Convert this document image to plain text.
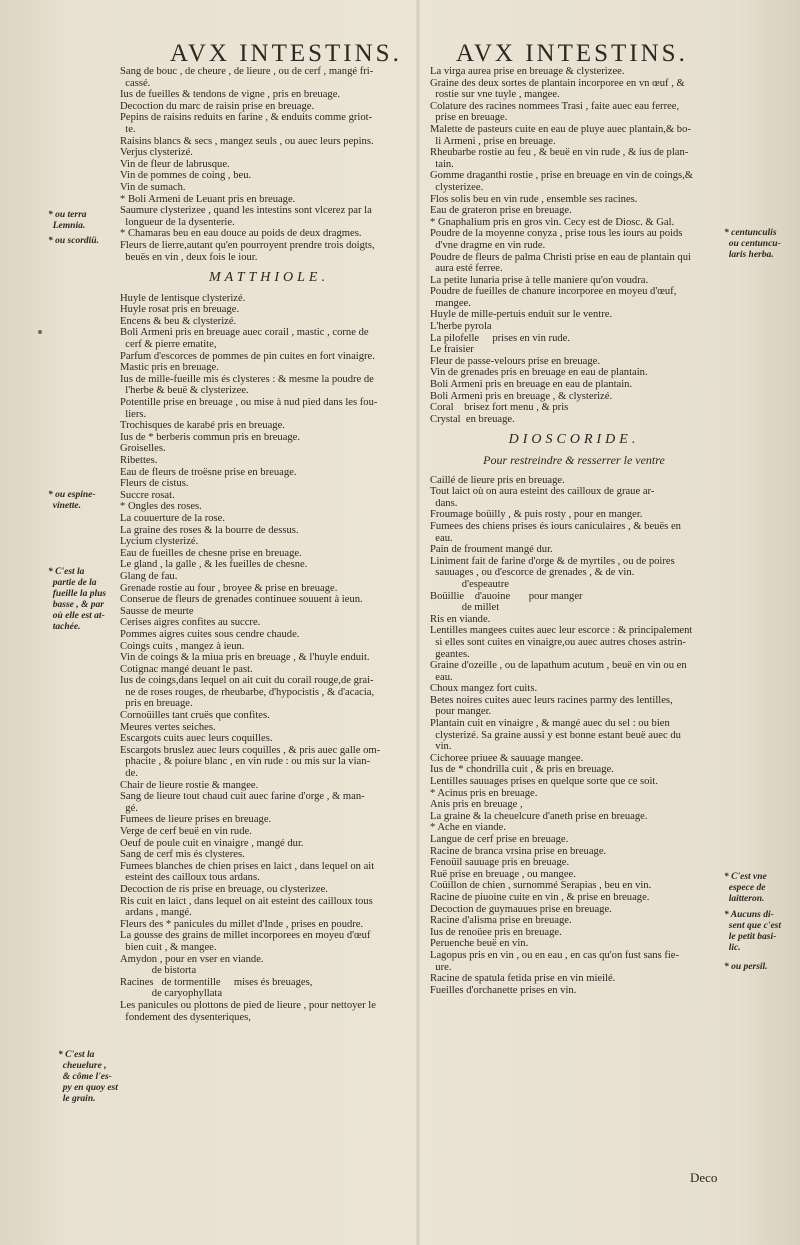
AVX INTESTINS.
Sang de bouc , de cheure , de lieure , ou de cerf , mangé fri-
cassé.
Ius de fueilles & tendons de vigne , pris en breuage.
Decoction du marc de raisin prise en breuage.
Pepins de raisins reduits en farine , & enduits comme griot-
te.
Raisins blancs & secs , mangez seuls , ou auec leurs pepins.
Verjus clysterizé.
Vin de fleur de labrusque.
Vin de pommes de coing , beu.
Vin de sumach.
* Boli Armeni de Leuant pris en breuage.
Saumure clysterizee , quand les intestins sont vlcerez par la
longueur de la dysenterie.
* Chamaras beu en eau douce au poids de deux dragmes.
Fleurs de lierre,autant qu'en pourroyent prendre trois doigts,
beuës en vin , deux fois le iour.
MATTHIOLE.
Huyle de lentisque clysterizé.
Huyle rosat pris en breuage.
Encens & beu & clysterizé.
Boli Armeni pris en breuage auec corail , mastic , corne de
cerf & pierre ematite,
Parfum d'escorces de pommes de pin cuites en fort vinaigre.
Mastic pris en breuage.
Ius de mille-fueille mis és clysteres : & mesme la poudre de
l'herbe & beuë & clysterizee.
Potentille prise en breuage , ou mise à nud pied dans les fou-
liers.
Trochisques de karabé pris en breuage.
Ius de * berberis commun pris en breuage.
Groiselles.
Ribettes.
Eau de fleurs de troësne prise en breuage.
Fleurs de cistus.
Succre rosat.
* Ongles des roses.
La couuerture de la rose.
La graine des roses & la bourre de dessus.
Lycium clysterizé.
Eau de fueilles de chesne prise en breuage.
Le gland , la galle , & les fueilles de chesne.
Glang de fau.
Grenade rostie au four , broyee & prise en breuage.
Conserue de fleurs de grenades continuee souuent à ieun.
Sausse de meurte
Cerises aigres confites au succre.
Pommes aigres cuites sous cendre chaude.
Coings cuits , mangez à ieun.
Vin de coings & la miua pris en breuage , & l'huyle enduit.
Cotignac mangé deuant le past.
Ius de coings,dans lequel on ait cuit du corail rouge,de grai-
ne de roses rouges, de rheubarbe, d'hypocistis , & d'acacia,
pris en breuage.
Cornoüilles tant cruës que confites.
Meures vertes seiches.
Escargots cuits auec leurs coquilles.
Escargots bruslez auec leurs coquilles , & pris auec galle om-
phacite , & poiure blanc , en vin rude : ou mis sur la vian-
de.
Chair de lieure rostie & mangee.
Sang de lieure tout chaud cuit auec farine d'orge , & man-
gé.
Fumees de lieure prises en breuage.
Verge de cerf beuë en vin rude.
Oeuf de poule cuit en vinaigre , mangé dur.
Sang de cerf mis és clysteres.
Fumees blanches de chien prises en laict , dans lequel on ait
esteint des cailloux tous ardans.
Decoction de ris prise en breuage, ou clysterizee.
Ris cuit en laict , dans lequel on ait esteint des cailloux tous
ardans , mangé.
Fleurs des * panicules du millet d'Inde , prises en poudre.
La gousse des grains de millet incorporees en moyeu d'œuf
bien cuit , & mangee.
Amydon , pour en vser en viande.
de bistorta
Racines   de tormentille     mises és breuages,
de caryophyllata
Les panicules ou plottons de pied de lieure , pour nettoyer le
fondement des dysenteriques,
* ou terra
Lemnia.
* ou scordiü.
* ou espine-
vinette.
* C'est la
partie de la
fueille la plus
basse , & par
où elle est at-
tachée.
* C'est la
cheuelure ,
& côme l'es-
py en quoy est
le grain.
AVX INTESTINS.
La virga aurea prise en breuage & clysterizee.
Graine des deux sortes de plantain incorporee en vn œuf , &
rostie sur vne tuyle , mangee.
Colature des racines nommees Trasi , faite auec eau ferree,
prise en breuage.
Malette de pasteurs cuite en eau de pluye auec plantain,& bo-
li Armeni , prise en breuage.
Rheubarbe rostie au feu , & beuë en vin rude , & ius de plan-
tain.
Gomme draganthi rostie , prise en breuage en vin de coings,&
clysterizee.
Flos solis beu en vin rude , ensemble ses racines.
Eau de grateron prise en breuage.
* Gnaphalium pris en gros vin. Cecy est de Diosc. & Gal.
Poudre de la moyenne conyza , prise tous les iours au poids
d'vne dragme en vin rude.
Poudre de fleurs de palma Christi prise en eau de plantain qui
aura esté ferree.
La petite lunaria prise à telle maniere qu'on voudra.
Poudre de fueilles de chanure incorporee en moyeu d'œuf,
mangee.
Huyle de mille-pertuis enduit sur le ventre.
L'herbe pyrola
La pilofelle     prises en vin rude.
Le fraisier
Fleur de passe-velours prise en breuage.
Vin de grenades pris en breuage en eau de plantain.
Boli Armeni pris en breuage en eau de plantain.
Boli Armeni pris en breuage , & clysterizé.
Coral    brisez fort menu , & pris
Crystal  en breuage.
DIOSCORIDE.
Pour restreindre & resserrer le ventre
Caillé de lieure pris en breuage.
Tout laict où on aura esteint des cailloux de graue ar-
dans.
Froumage boüilly , & puis rosty , pour en manger.
Fumees des chiens prises és iours caniculaires , & beuës en
eau.
Pain de froument mangé dur.
Liniment fait de farine d'orge & de myrtiles , ou de poires
sauuages , ou d'escorce de grenades , & de vin.
d'espeautre
Boüillie    d'auoine       pour manger
de millet
Ris en viande.
Lentilles mangees cuites auec leur escorce : & principalement
si elles sont cuites en vinaigre,ou auec autres choses astrin-
geantes.
Graine d'ozeille , ou de lapathum acutum , beuë en vin ou en
eau.
Choux mangez fort cuits.
Betes noires cuites auec leurs racines parmy des lentilles,
pour manger.
Plantain cuit en vinaigre , & mangé auec du sel : ou bien
clysterizé. Sa graine aussi y est bonne estant beuë auec du
vin.
Cichoree priuee & sauuage mangee.
Ius de * chondrilla cuit , & pris en breuage.
Lentilles sauuages prises en quelque sorte que ce soit.
* Acinus pris en breuage.
Anis pris en breuage ,
La graine & la cheuelcure d'aneth prise en breuage.
* Ache en viande.
Langue de cerf prise en breuage.
Racine de branca vrsina prise en breuage.
Fenoüil sauuage pris en breuage.
Ruë prise en breuage , ou mangee.
Coüillon de chien , surnommé Serapias , beu en vin.
Racine de piuoine cuite en vin , & prise en breuage.
Decoction de guymauues prise en breuage.
Racine d'alisma prise en breuage.
Ius de renoüee pris en breuage.
Peruenche beuë en vin.
Lagopus pris en vin , ou en eau , en cas qu'on fust sans fie-
ure.
Racine de spatula fetida prise en vin mieilé.
Fueilles d'orchanette prises en vin.
* centunculis
ou centuncu-
laris herba.
* C'est vne
espece de
laitteron.
* Aucuns di-
sent que c'est
le petit basi-
lic.
* ou persil.
Deco
